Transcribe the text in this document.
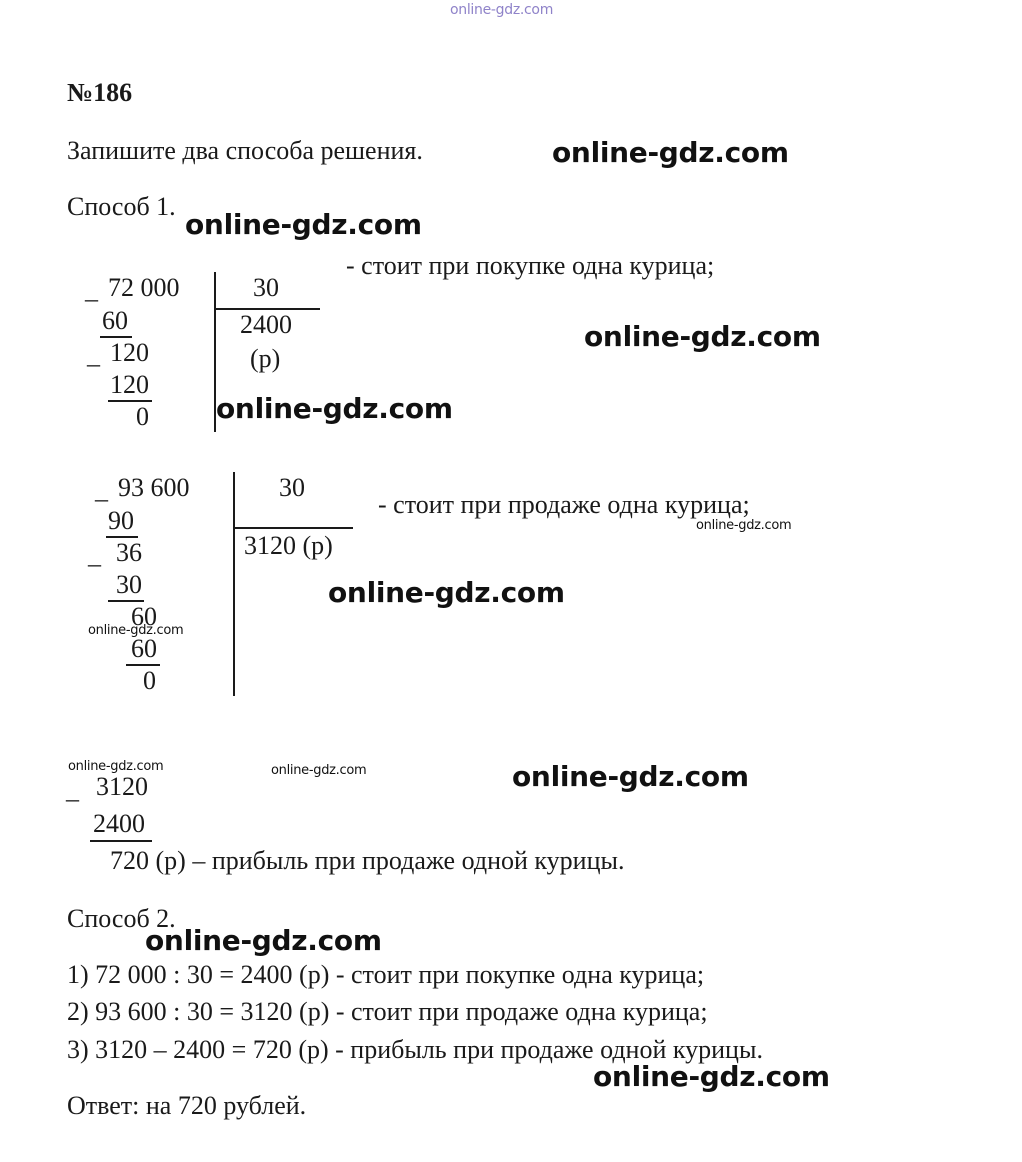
online-gdz.com
№186
Запишите два способа решения.	online-gdz.com
Способ 1.
online-gdz.com
_ 72 000
60
_ 120
120
0
30
2400
(р)
- стоит при покупке одна курица;
online-gdz.com
online-gdz.com
_ 93 600
90
_ 36
30
60
60
0
30
3120 (р)
- стоит при продаже одна курица;
online-gdz.com
online-gdz.com
online-gdz.com
online-gdz.com	online-gdz.com	online-gdz.com
_ 3120
2400
720 (р) – прибыль при продаже одной курицы.
Способ 2.
online-gdz.com
1) 72 000 : 30 = 2400 (р) - стоит при покупке одна курица;
2) 93 600 : 30 = 3120 (р) - стоит при продаже одна курица;
3) 3120 – 2400 = 720 (р) - прибыль при продаже одной курицы.
online-gdz.com
Ответ: на 720 рублей.
